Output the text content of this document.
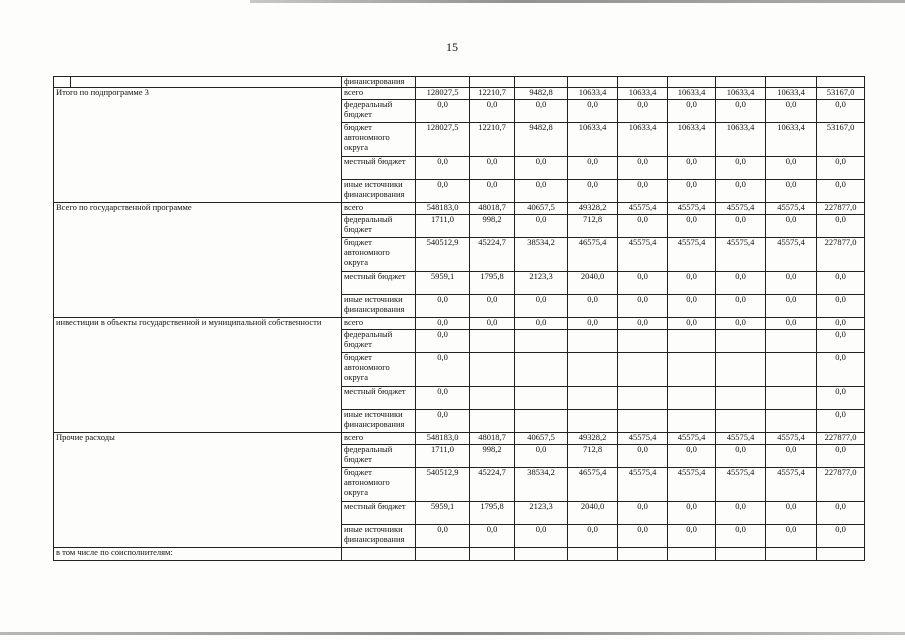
15
	финансирования									
Итого по подпрограмме 3	всего	128027,5	12210,7	9482,8	10633,4	10633,4	10633,4	10633,4	10633,4	53167,0
	федеральный бюджет	0,0	0,0	0,0	0,0	0,0	0,0	0,0	0,0	0,0
	бюджет автономного округа	128027,5	12210,7	9482,8	10633,4	10633,4	10633,4	10633,4	10633,4	53167,0
	местный бюджет	0,0	0,0	0,0	0,0	0,0	0,0	0,0	0,0	0,0
	иные источники финансирования	0,0	0,0	0,0	0,0	0,0	0,0	0,0	0,0	0,0
Всего по государственной программе	всего	548183,0	48018,7	40657,5	49328,2	45575,4	45575,4	45575,4	45575,4	227877,0
	федеральный бюджет	1711,0	998,2	0,0	712,8	0,0	0,0	0,0	0,0	0,0
	бюджет автономного округа	540512,9	45224,7	38534,2	46575,4	45575,4	45575,4	45575,4	45575,4	227877,0
	местный бюджет	5959,1	1795,8	2123,3	2040,0	0,0	0,0	0,0	0,0	0,0
	иные источники финансирования	0,0	0,0	0,0	0,0	0,0	0,0	0,0	0,0	0,0
инвестиции в объекты государственной и муниципальной собственности	всего	0,0	0,0	0,0	0,0	0,0	0,0	0,0	0,0	0,0
	федеральный бюджет	0,0								0,0
	бюджет автономного округа	0,0								0,0
	местный бюджет	0,0								0,0
	иные источники финансирования	0,0								0,0
Прочие расходы	всего	548183,0	48018,7	40657,5	49328,2	45575,4	45575,4	45575,4	45575,4	227877,0
	федеральный бюджет	1711,0	998,2	0,0	712,8	0,0	0,0	0,0	0,0	0,0
	бюджет автономного округа	540512,9	45224,7	38534,2	46575,4	45575,4	45575,4	45575,4	45575,4	227877,0
	местный бюджет	5959,1	1795,8	2123,3	2040,0	0,0	0,0	0,0	0,0	0,0
	иные источники финансирования	0,0	0,0	0,0	0,0	0,0	0,0	0,0	0,0	0,0
в том числе по соисполнителям:										
